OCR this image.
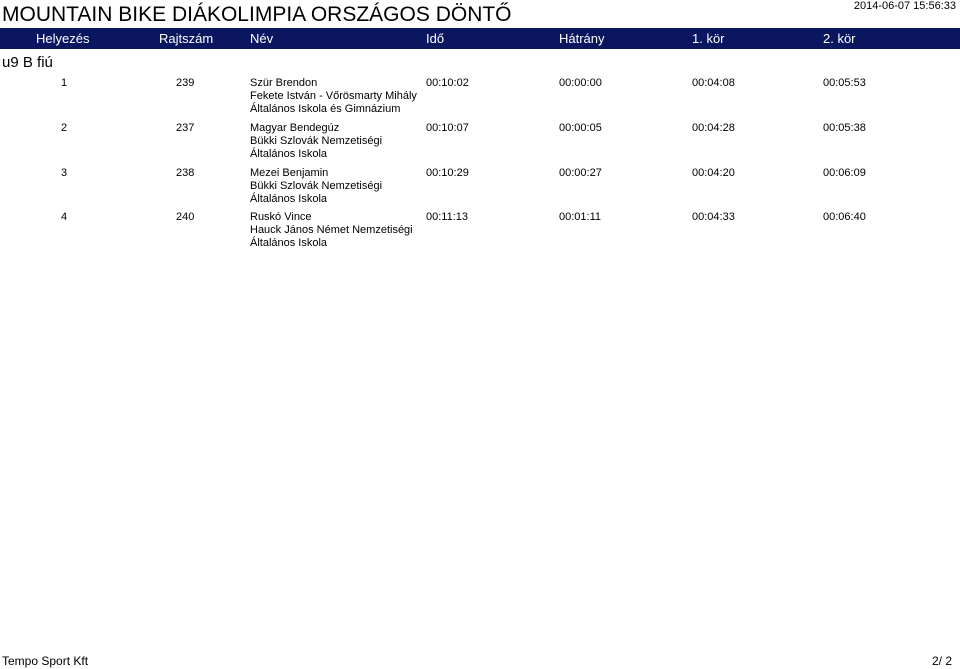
MOUNTAIN BIKE DIÁKOLIMPIA ORSZÁGOS DÖNTŐ	2014-06-07 15:56:33
Helyezés	Rajtszám	Név	Idő	Hátrány	1. kör	2. kör
u9 B fiú
1	239	Szür Brendon
Fekete István - Vőrösmarty Mihály
Általános Iskola és Gimnázium
00:10:02	00:00:00	00:04:08	00:05:53
2	237	Magyar Bendegúz
Bükki Szlovák Nemzetiségi
Általános Iskola
00:10:07	00:00:05	00:04:28	00:05:38
3	238	Mezei Benjamin
Bükki Szlovák Nemzetiségi
Általános Iskola
00:10:29	00:00:27	00:04:20	00:06:09
4	240	Ruskó Vince
Hauck János Német Nemzetiségi
Általános Iskola
00:11:13	00:01:11	00:04:33	00:06:40
Tempo Sport Kft	2/ 2
